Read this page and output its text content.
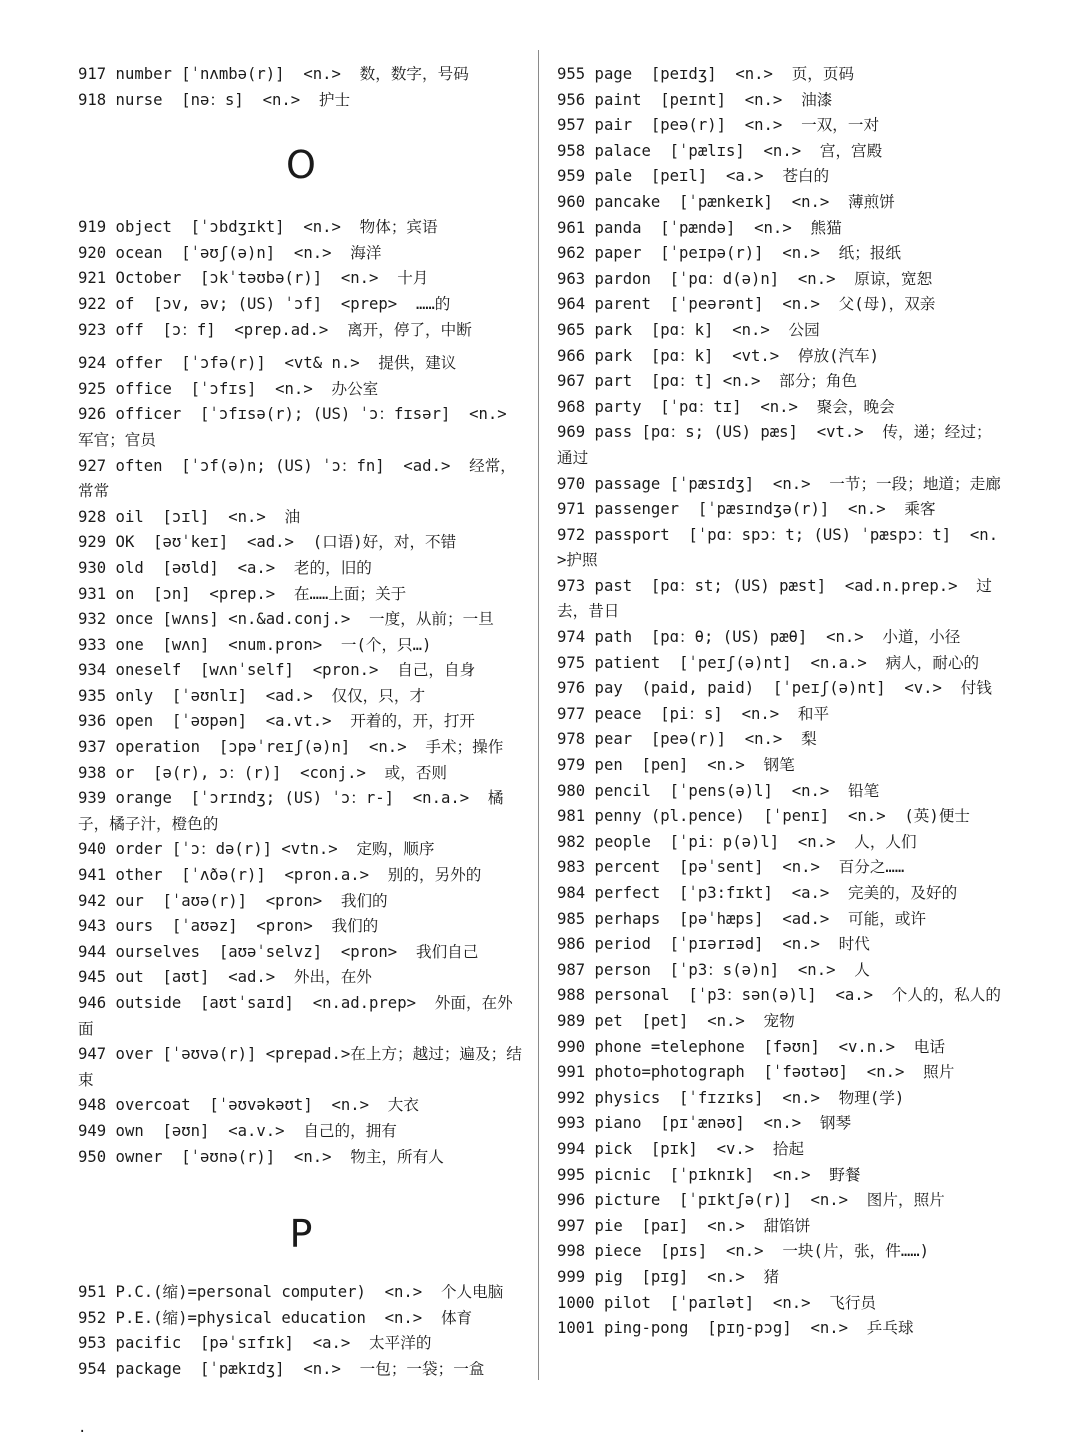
917 number [ˈnʌmbə(r)]  <n.>  数，数字，号码
918 nurse  [nə：s]  <n.>  护士
O
919 object  [ˈɔbdʒɪkt]  <n.>  物体；宾语
920 ocean  [ˈəʊʃ(ə)n]  <n.>  海洋
921 October  [ɔkˈtəʊbə(r)]  <n.>  十月
922 of  [ɔv, əv; (US) ˈɔf]  <prep>  ……的
923 off  [ɔ：f]  <prep.ad.>  离开，停了，中断
924 offer  [ˈɔfə(r)]  <vt& n.>  提供，建议
925 office  [ˈɔfɪs]  <n.>  办公室
926 officer  [ˈɔfɪsə(r); (US) ˈɔ：fɪsər]  <n.>  军官；官员
927 often  [ˈɔf(ə)n; (US) ˈɔ：fn]  <ad.>  经常，常常
928 oil  [ɔɪl]  <n.>  油
929 OK  [əʊˈkeɪ]  <ad.>  (口语)好，对，不错
930 old  [əʊld]  <a.>  老的，旧的
931 on  [ɔn]  <prep.>  在……上面；关于
932 once [wʌns] <n.&ad.conj.>  一度，从前；一旦
933 one  [wʌn]  <num.pron>  一(个，只…)
934 oneself  [wʌnˈself]  <pron.>  自己，自身
935 only  [ˈəʊnlɪ]  <ad.>  仅仅，只，才
936 open  [ˈəʊpən]  <a.vt.>  开着的，开，打开
937 operation  [ɔpəˈreɪʃ(ə)n]  <n.>  手术；操作
938 or  [ə(r), ɔ：(r)]  <conj.>  或，否则
939 orange  [ˈɔrɪndʒ; (US) ˈɔ：r-]  <n.a.>  橘子，橘子汁，橙色的
940 order [ˈɔ：də(r)] <vtn.>  定购，顺序
941 other  [ˈʌðə(r)]  <pron.a.>  别的，另外的
942 our  [ˈaʊə(r)]  <pron>  我们的
943 ours  [ˈaʊəz]  <pron>  我们的
944 ourselves  [aʊəˈselvz]  <pron>  我们自己
945 out  [aʊt]  <ad.>  外出，在外
946 outside  [aʊtˈsaɪd]  <n.ad.prep>  外面，在外面
947 over [ˈəʊvə(r)] <prepad.>在上方；越过；遍及；结束
948 overcoat  [ˈəʊvəkəʊt]  <n.>  大衣
949 own  [əʊn]  <a.v.>  自己的，拥有
950 owner  [ˈəʊnə(r)]  <n.>  物主，所有人
P
951 P.C.(缩)=personal computer)  <n.>  个人电脑
952 P.E.(缩)=physical education  <n.>  体育
953 pacific  [pəˈsɪfɪk]  <a.>  太平洋的
954 package  [ˈpækɪdʒ]  <n.>  一包；一袋；一盒
955 page  [peɪdʒ]  <n.>  页，页码
956 paint  [peɪnt]  <n.>  油漆
957 pair  [peə(r)]  <n.>  一双，一对
958 palace  [ˈpælɪs]  <n.>  宫，宫殿
959 pale  [peɪl]  <a.>  苍白的
960 pancake  [ˈpænkeɪk]  <n.>  薄煎饼
961 panda  [ˈpændə]  <n.>  熊猫
962 paper  [ˈpeɪpə(r)]  <n.>  纸；报纸
963 pardon  [ˈpɑ：d(ə)n]  <n.>  原谅，宽恕
964 parent  [ˈpeərənt]  <n.>  父(母)，双亲
965 park  [pɑ：k]  <n.>  公园
966 park  [pɑ：k]  <vt.>  停放(汽车)
967 part  [pɑ：t] <n.>  部分；角色
968 party  [ˈpɑ：tɪ]  <n.>  聚会，晚会
969 pass [pɑ：s; (US) pæs]  <vt.>  传，递；经过；通过
970 passage [ˈpæsɪdʒ]  <n.>  一节；一段；地道；走廊
971 passenger  [ˈpæsɪndʒə(r)]  <n.>  乘客
972 passport  [ˈpɑ：spɔ：t; (US) ˈpæspɔ：t]  <n.>护照
973 past  [pɑ：st; (US) pæst]  <ad.n.prep.>  过去，昔日
974 path  [pɑ：θ; (US) pæθ]  <n.>  小道，小径
975 patient  [ˈpeɪʃ(ə)nt]  <n.a.>  病人，耐心的
976 pay  (paid, paid)  [ˈpeɪʃ(ə)nt]  <v.>  付钱
977 peace  [pi：s]  <n.>  和平
978 pear  [peə(r)]  <n.>  梨
979 pen  [pen]  <n.>  钢笔
980 pencil  [ˈpens(ə)l]  <n.>  铅笔
981 penny (pl.pence)  [ˈpenɪ]  <n.>  (英)便士
982 people  [ˈpi：p(ə)l]  <n.>  人，人们
983 percent  [pəˈsent]  <n.>  百分之……
984 perfect  [ˈp3:fɪkt]  <a.>  完美的，及好的
985 perhaps  [pəˈhæps]  <ad.>  可能，或许
986 period  [ˈpɪərɪəd]  <n.>  时代
987 person  [ˈp3：s(ə)n]  <n.>  人
988 personal  [ˈp3：sən(ə)l]  <a.>  个人的，私人的
989 pet  [pet]  <n.>  宠物
990 phone =telephone  [fəʊn]  <v.n.>  电话
991 photo=photograph  [ˈfəʊtəʊ]  <n.>  照片
992 physics  [ˈfɪzɪks]  <n.>  物理(学)
993 piano  [pɪˈænəʊ]  <n.>  钢琴
994 pick  [pɪk]  <v.>  拾起
995 picnic  [ˈpɪknɪk]  <n.>  野餐
996 picture  [ˈpɪktʃə(r)]  <n.>  图片，照片
997 pie  [paɪ]  <n.>  甜馅饼
998 piece  [pɪs]  <n.>  一块(片，张，件……)
999 pig  [pɪg]  <n.>  猪
1000 pilot  [ˈpaɪlət]  <n.>  飞行员
1001 ping-pong  [pɪŋ-pɔg]  <n.>  乒乓球
.
